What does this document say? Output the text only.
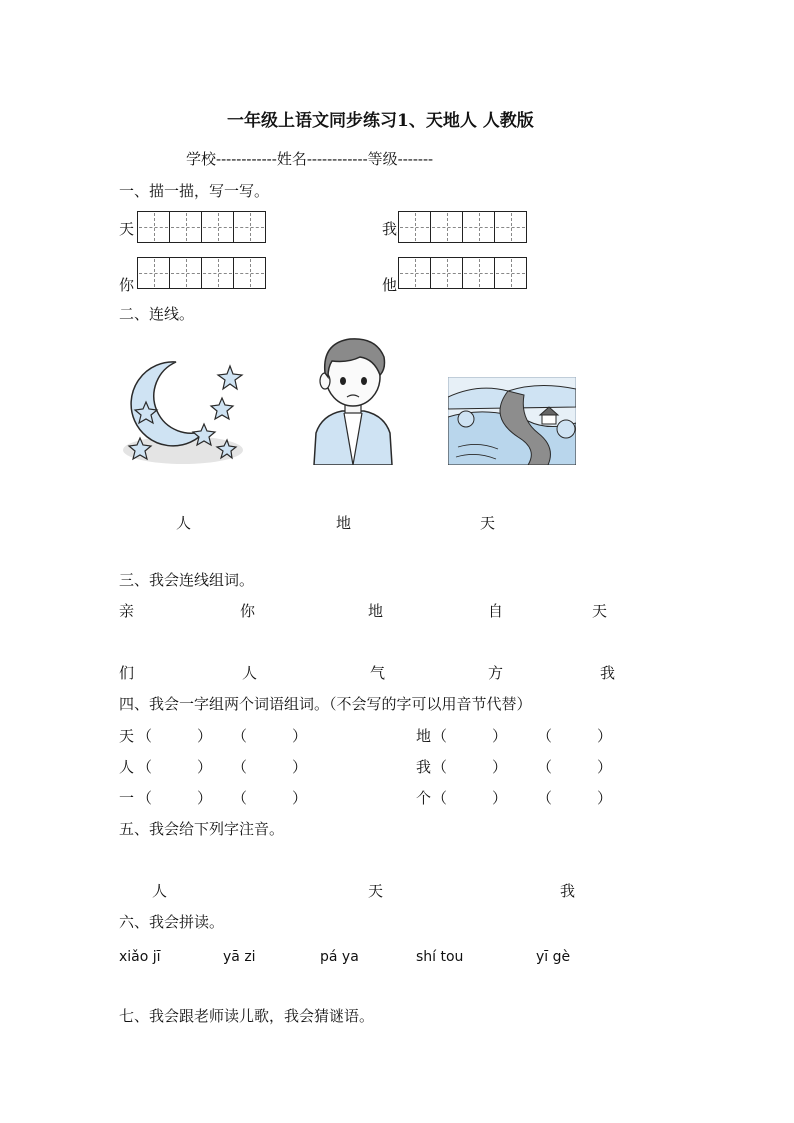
一年级上语文同步练习1、天地人 人教版
学校------------姓名------------等级-------
一、描一描，写一写。
天	我
你	他
二、连线。
人	地	天
三、我会连线组词。
亲	你	地	自	天
们	人	气	方	我
四、我会一字组两个词语组词。（不会写的字可以用音节代替）
天 （　　　） （　　　）	地 （　　　） （　　　）
人 （　　　） （　　　）	我 （　　　） （　　　）
一 （　　　） （　　　）	个 （　　　） （　　　）
五、我会给下列字注音。
人	天	我
六、我会拼读。
xiǎo jī	yā zi	pá ya	shí tou	yī gè
七、我会跟老师读儿歌，我会猜谜语。
